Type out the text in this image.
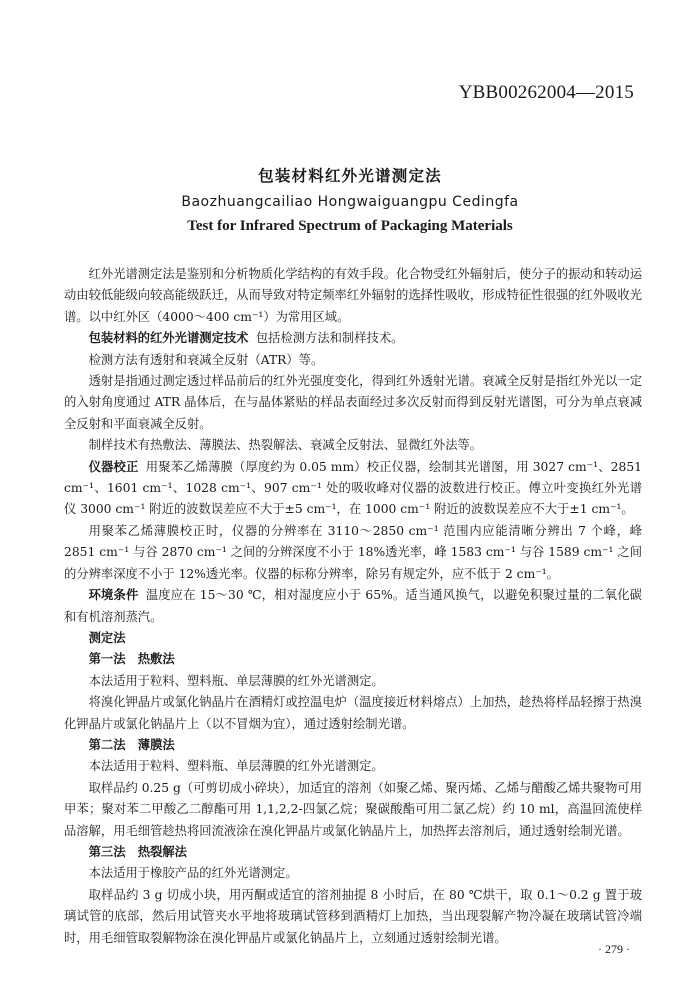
YBB00262004—2015
包装材料红外光谱测定法
Baozhuangcailiao Hongwaiguangpu Cedingfa
Test for Infrared Spectrum of Packaging Materials

红外光谱测定法是鉴别和分析物质化学结构的有效手段。化合物受红外辐射后，使分子的振动和转动运动由较低能级向较高能级跃迁，从而导致对特定频率红外辐射的选择性吸收，形成特征性很强的红外吸收光谱。以中红外区（4000～400 cm⁻¹）为常用区域。

包装材料的红外光谱测定技术 包括检测方法和制样技术。

检测方法有透射和衰减全反射（ATR）等。

透射是指通过测定透过样品前后的红外光强度变化，得到红外透射光谱。衰减全反射是指红外光以一定的入射角度通过 ATR 晶体后，在与晶体紧贴的样品表面经过多次反射而得到反射光谱图，可分为单点衰减全反射和平面衰减全反射。

制样技术有热敷法、薄膜法、热裂解法、衰减全反射法、显微红外法等。

仪器校正 用聚苯乙烯薄膜（厚度约为 0.05 mm）校正仪器，绘制其光谱图，用 3027 cm⁻¹、2851 cm⁻¹、1601 cm⁻¹、1028 cm⁻¹、907 cm⁻¹ 处的吸收峰对仪器的波数进行校正。傅立叶变换红外光谱仪 3000 cm⁻¹ 附近的波数误差应不大于±5 cm⁻¹，在 1000 cm⁻¹ 附近的波数误差应不大于±1 cm⁻¹。

用聚苯乙烯薄膜校正时，仪器的分辨率在 3110～2850 cm⁻¹ 范围内应能清晰分辨出 7 个峰，峰 2851 cm⁻¹ 与谷 2870 cm⁻¹ 之间的分辨深度不小于 18%透光率，峰 1583 cm⁻¹ 与谷 1589 cm⁻¹ 之间的分辨率深度不小于 12%透光率。仪器的标称分辨率，除另有规定外，应不低于 2 cm⁻¹。

环境条件 温度应在 15～30 ℃，相对湿度应小于 65%。适当通风换气，以避免积聚过量的二氧化碳和有机溶剂蒸汽。

测定法

第一法　热敷法

本法适用于粒料、塑料瓶、单层薄膜的红外光谱测定。

将溴化钾晶片或氯化钠晶片在酒精灯或控温电炉（温度接近材料熔点）上加热，趁热将样品轻擦于热溴化钾晶片或氯化钠晶片上（以不冒烟为宜），通过透射绘制光谱。

第二法　薄膜法

本法适用于粒料、塑料瓶、单层薄膜的红外光谱测定。

取样品约 0.25 g（可剪切成小碎块），加适宜的溶剂（如聚乙烯、聚丙烯、乙烯与醋酸乙烯共聚物可用甲苯；聚对苯二甲酸乙二醇酯可用 1,1,2,2-四氯乙烷；聚碳酸酯可用二氯乙烷）约 10 ml，高温回流使样品溶解，用毛细管趁热将回流液涂在溴化钾晶片或氯化钠晶片上，加热挥去溶剂后，通过透射绘制光谱。

第三法　热裂解法

本法适用于橡胶产品的红外光谱测定。

取样品约 3 g 切成小块，用丙酮或适宜的溶剂抽提 8 小时后，在 80 ℃烘干，取 0.1～0.2 g 置于玻璃试管的底部，然后用试管夹水平地将玻璃试管移到酒精灯上加热，当出现裂解产物冷凝在玻璃试管冷端时，用毛细管取裂解物涂在溴化钾晶片或氯化钠晶片上，立刻通过透射绘制光谱。

· 279 ·
